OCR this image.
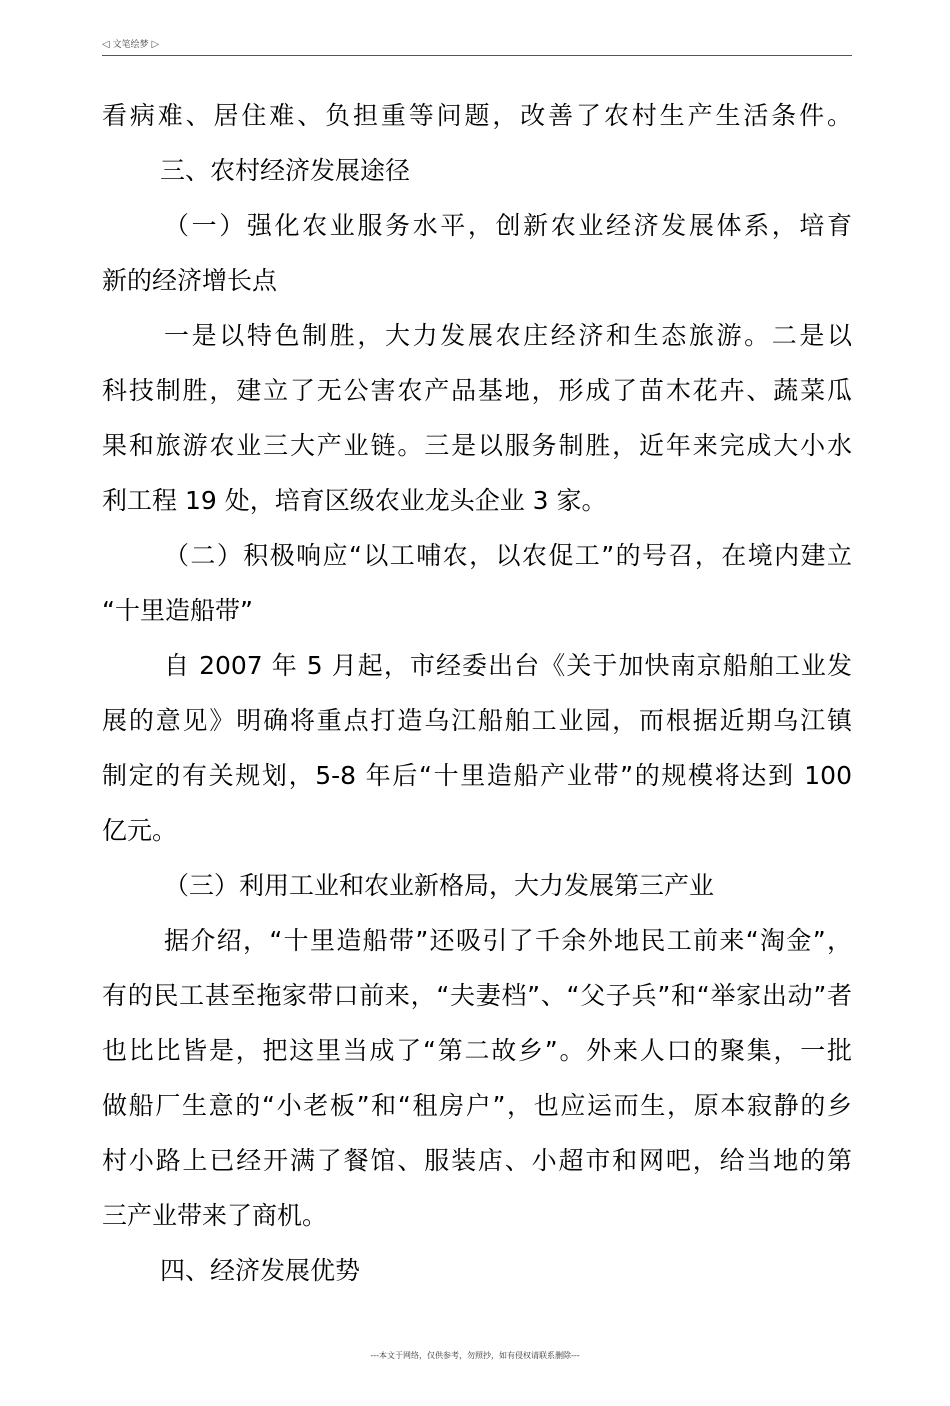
◁ 文笔绘梦 ▷
看病难、居住难、负担重等问题，改善了农村生产生活条件。
三、农村经济发展途径
（一）强化农业服务水平，创新农业经济发展体系，培育
新的经济增长点
一是以特色制胜，大力发展农庄经济和生态旅游。二是以
科技制胜，建立了无公害农产品基地，形成了苗木花卉、蔬菜瓜
果和旅游农业三大产业链。三是以服务制胜，近年来完成大小水
利工程 19 处，培育区级农业龙头企业 3 家。
（二）积极响应“以工哺农，以农促工”的号召，在境内建立
“十里造船带”
自 2007 年 5 月起，市经委出台《关于加快南京船舶工业发
展的意见》明确将重点打造乌江船舶工业园，而根据近期乌江镇
制定的有关规划，5-8 年后“十里造船产业带”的规模将达到 100
亿元。
（三）利用工业和农业新格局，大力发展第三产业
据介绍，“十里造船带”还吸引了千余外地民工前来“淘金”，
有的民工甚至拖家带口前来，“夫妻档”、“父子兵”和“举家出动”者
也比比皆是，把这里当成了“第二故乡”。外来人口的聚集，一批
做船厂生意的“小老板”和“租房户”，也应运而生，原本寂静的乡
村小路上已经开满了餐馆、服装店、小超市和网吧，给当地的第
三产业带来了商机。
四、经济发展优势
---本文于网络，仅供参考，勿照抄，如有侵权请联系删除---
